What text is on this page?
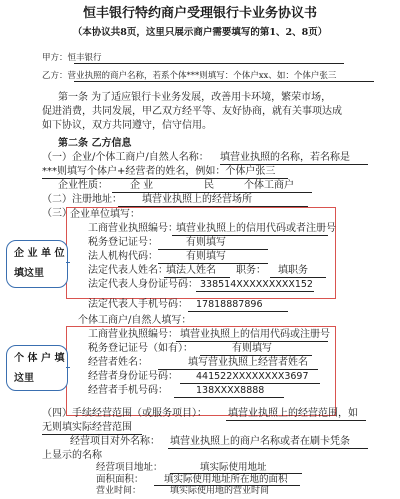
恒丰银行特约商户受理银行卡业务协议书
（本协议共8页，这里只展示商户需要填写的第1、2、8页）
甲方：恒丰银行
乙方：营业执照的商户名称，若系个体***则填写：个体户xx、如：个体户张三
第一条 为了适应银行卡业务发展，改善用卡环境，繁荣市场，
促进消费，共同发展，甲乙双方经平等、友好协商，就有关事项达成
如下协议，双方共同遵守，信守信用。
第二条 乙方信息
（一）企业/个体工商户/自然人名称： 填营业执照的名称，若名称是
***则填写个体户+经营者的姓名，例如：个体户张三
企业性质： 企 业	民	个体工商户
（二）注册地址： 填营业执照上的经营场所
（三）
企业单位填写：
工商营业执照编号：
填营业执照上的信用代码或者注册号
税务登记证号：	有则填写
法人机构代码：	有则填写
法定代表人姓名：
填法人姓名 职务： 填职务
法定代表人身份证号码： 338514XXXXXXXXX152
法定代表人手机号码： 17818887896
个体工商户/自然人填写：
工商营业执照编号： 填营业执照上的信用代码或注册号
税务登记证号（如有）：	有则填写
经营者姓名：	填写营业执照上经营者姓名
经营者身份证号码： 441522XXXXXXXX3697
经营者手机号码：	138XXXX8888
（四）手续经营范围（或服务项目）： 填营业执照上的经营范围，如
无则填实际经营范围
经营项目对外名称： 填营业执照上的商户名称或者在刷卡凭条
上显示的名称
经营项目地址：	填实际使用地址
面积面积： 填实际使用地址所在地的面积
营业时间：	填实际使用地的营业时间
企 业 单 位
填这里
个 体 户 填
这里
